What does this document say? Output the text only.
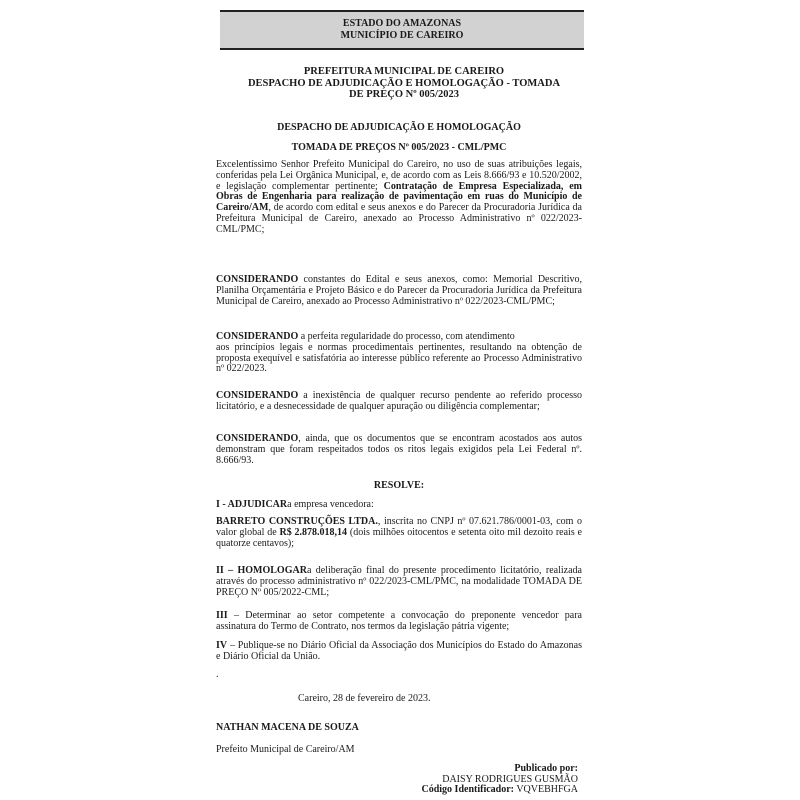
ESTADO DO AMAZONAS
MUNICÍPIO DE CAREIRO
PREFEITURA MUNICIPAL DE CAREIRO
DESPACHO DE ADJUDICAÇÃO E HOMOLOGAÇÃO - TOMADA
DE PREÇO Nº 005/2023
DESPACHO DE ADJUDICAÇÃO E HOMOLOGAÇÃO
TOMADA DE PREÇOS Nº 005/2023 - CML/PMC
Excelentíssimo Senhor Prefeito Municipal do Careiro, no uso de suas atribuições legais, conferidas pela Lei Orgânica Municipal, e, de acordo com as Leis 8.666/93 e 10.520/2002, e legislação complementar pertinente; Contratação de Empresa Especializada, em Obras de Engenharia para realização de pavimentação em ruas do Município de Careiro/AM, de acordo com edital e seus anexos e do Parecer da Procuradoria Jurídica da Prefeitura Municipal de Careiro, anexado ao Processo Administrativo nº 022/2023-CML/PMC;
CONSIDERANDO constantes do Edital e seus anexos, como: Memorial Descritivo, Planilha Orçamentária e Projeto Básico e do Parecer da Procuradoria Jurídica da Prefeitura Municipal de Careiro, anexado ao Processo Administrativo nº 022/2023-CML/PMC;
CONSIDERANDO a perfeita regularidade do processo, com atendimento
aos princípios legais e normas procedimentais pertinentes, resultando na obtenção de proposta exequível e satisfatória ao interesse público referente ao Processo Administrativo nº 022/2023.
CONSIDERANDO a inexistência de qualquer recurso pendente ao referido processo licitatório, e a desnecessidade de qualquer apuração ou diligência complementar;
CONSIDERANDO, ainda, que os documentos que se encontram acostados aos autos demonstram que foram respeitados todos os ritos legais exigidos pela Lei Federal nº. 8.666/93.
RESOLVE:
I - ADJUDICARa empresa vencedora:
BARRETO CONSTRUÇÕES LTDA., inscrita no CNPJ nº 07.621.786/0001-03, com o valor global de R$ 2.878.018,14 (dois milhões oitocentos e setenta oito mil dezoito reais e quatorze centavos);
II – HOMOLOGARa deliberação final do presente procedimento licitatório, realizada através do processo administrativo nº 022/2023-CML/PMC, na modalidade TOMADA DE PREÇO Nº 005/2022-CML;
III – Determinar ao setor competente a convocação do preponente vencedor para assinatura do Termo de Contrato, nos termos da legislação pátria vigente;
IV – Publique-se no Diário Oficial da Associação dos Municípios do Estado do Amazonas e Diário Oficial da União.
.
Careiro, 28 de fevereiro de 2023.
NATHAN MACENA DE SOUZA
Prefeito Municipal de Careiro/AM
Publicado por:
DAISY RODRIGUES GUSMÃO
Código Identificador: VQVEBHFGA
